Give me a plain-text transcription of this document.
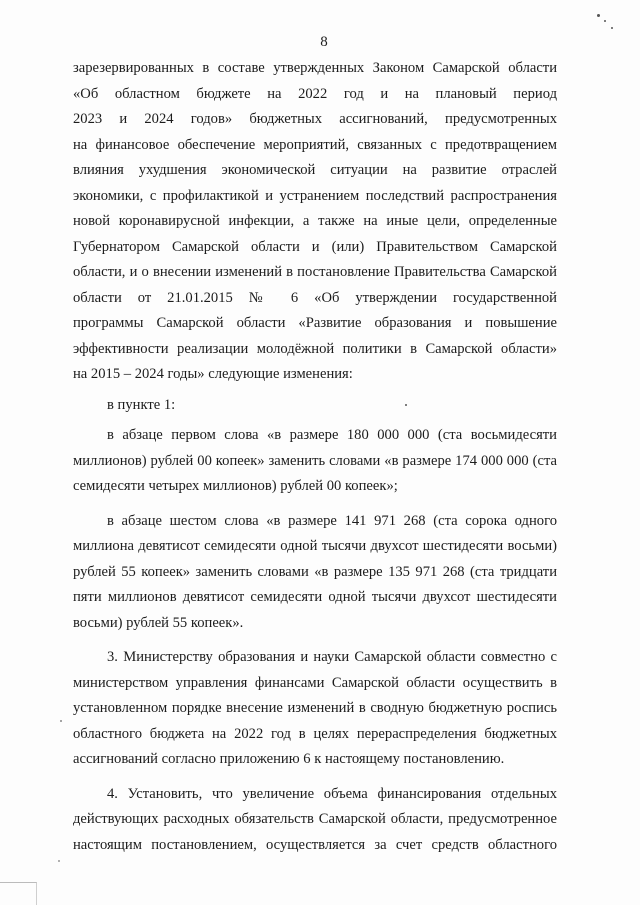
8
зарезервированных в составе утвержденных Законом Самарской области
«Об областном бюджете на 2022 год и на плановый период
2023 и 2024 годов» бюджетных ассигнований, предусмотренных
на финансовое обеспечение мероприятий, связанных с предотвращением
влияния ухудшения экономической ситуации на развитие отраслей
экономики, с профилактикой и устранением последствий распространения
новой коронавирусной инфекции, а также на иные цели, определенные
Губернатором Самарской области и (или) Правительством Самарской
области, и о внесении изменений в постановление Правительства Самарской
области от 21.01.2015 № 6 «Об утверждении государственной
программы Самарской области «Развитие образования и повышение
эффективности реализации молодёжной политики в Самарской области»
на 2015 – 2024 годы» следующие изменения:
в пункте 1:
в абзаце первом слова «в размере 180 000 000 (ста восьмидесяти
миллионов) рублей 00 копеек» заменить словами «в размере 174 000 000 (ста
семидесяти четырех миллионов) рублей 00 копеек»;
в абзаце шестом слова «в размере 141 971 268 (ста сорока одного
миллиона девятисот семидесяти одной тысячи двухсот шестидесяти восьми)
рублей 55 копеек» заменить словами «в размере 135 971 268 (ста тридцати
пяти миллионов девятисот семидесяти одной тысячи двухсот шестидесяти
восьми) рублей 55 копеек».
3. Министерству образования и науки Самарской области совместно с
министерством управления финансами Самарской области осуществить в
установленном порядке внесение изменений в сводную бюджетную роспись
областного бюджета на 2022 год в целях перераспределения бюджетных
ассигнований согласно приложению 6 к настоящему постановлению.
4. Установить, что увеличение объема финансирования отдельных
действующих расходных обязательств Самарской области, предусмотренное
настоящим постановлением, осуществляется за счет средств областного
